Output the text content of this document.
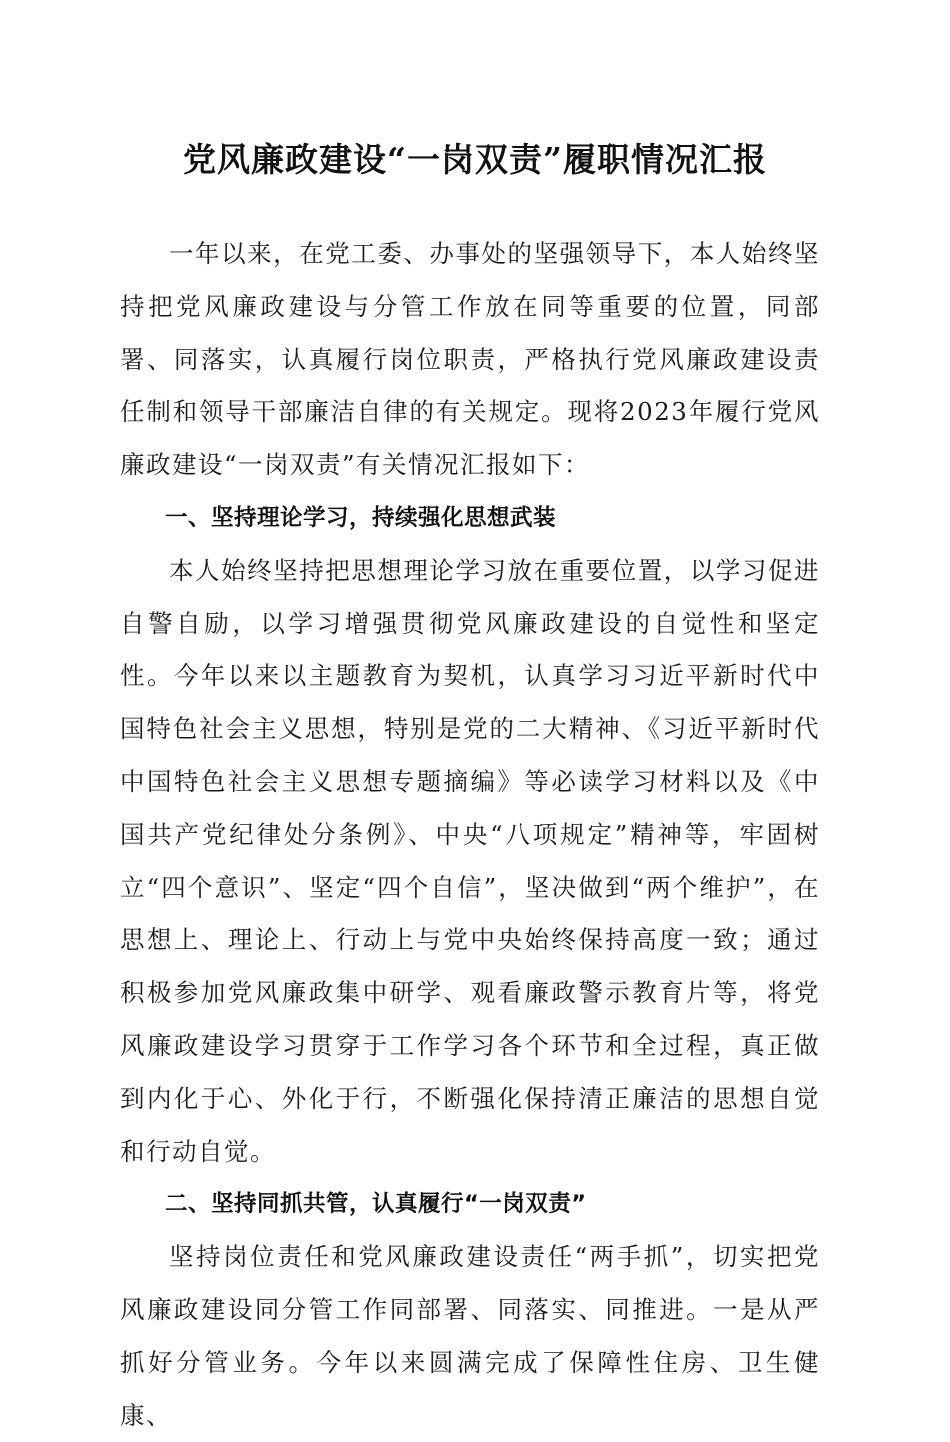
党风廉政建设“一岗双责”履职情况汇报

一年以来，在党工委、办事处的坚强领导下，本人始终坚持把党风廉政建设与分管工作放在同等重要的位置，同部署、同落实，认真履行岗位职责，严格执行党风廉政建设责任制和领导干部廉洁自律的有关规定。现将2023年履行党风廉政建设“一岗双责”有关情况汇报如下：

一、坚持理论学习，持续强化思想武装

本人始终坚持把思想理论学习放在重要位置，以学习促进自警自励，以学习增强贯彻党风廉政建设的自觉性和坚定性。今年以来以主题教育为契机，认真学习习近平新时代中国特色社会主义思想，特别是党的二大精神、《习近平新时代中国特色社会主义思想专题摘编》等必读学习材料以及《中国共产党纪律处分条例》、中央“八项规定”精神等，牢固树立“四个意识”、坚定“四个自信”，坚决做到“两个维护”，在思想上、理论上、行动上与党中央始终保持高度一致；通过积极参加党风廉政集中研学、观看廉政警示教育片等，将党风廉政建设学习贯穿于工作学习各个环节和全过程，真正做到内化于心、外化于行，不断强化保持清正廉洁的思想自觉和行动自觉。

二、坚持同抓共管，认真履行“一岗双责”

坚持岗位责任和党风廉政建设责任“两手抓”，切实把党风廉政建设同分管工作同部署、同落实、同推进。一是从严抓好分管业务。今年以来圆满完成了保障性住房、卫生健康、
